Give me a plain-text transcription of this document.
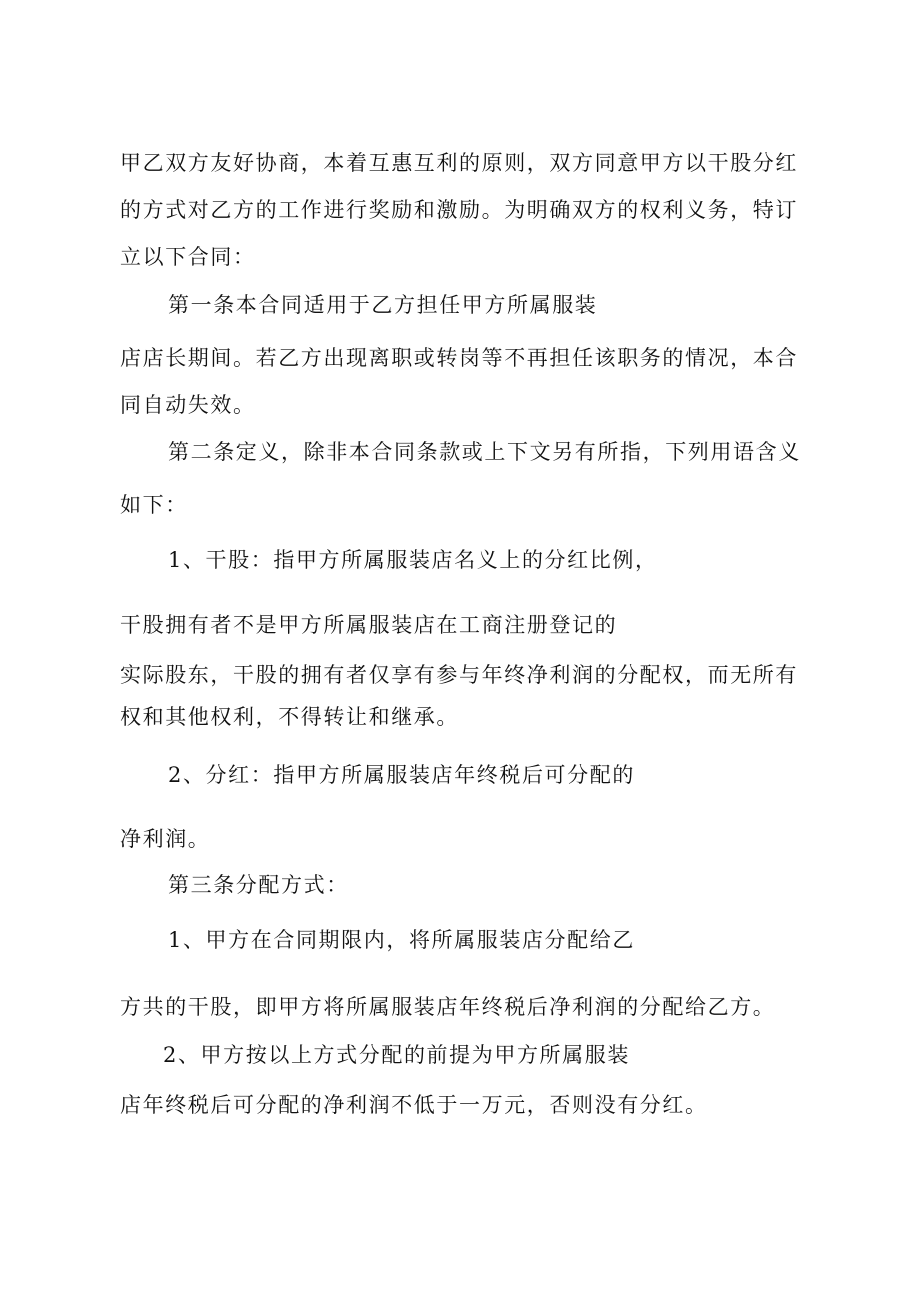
甲乙双方友好协商，本着互惠互利的原则，双方同意甲方以干股分红
的方式对乙方的工作进行奖励和激励。为明确双方的权利义务，特订
立以下合同：
第一条本合同适用于乙方担任甲方所属服装
店店长期间。若乙方出现离职或转岗等不再担任该职务的情况，本合
同自动失效。
第二条定义，除非本合同条款或上下文另有所指，下列用语含义
如下：
1、干股：指甲方所属服装店名义上的分红比例，
干股拥有者不是甲方所属服装店在工商注册登记的
实际股东，干股的拥有者仅享有参与年终净利润的分配权，而无所有
权和其他权利，不得转让和继承。
2、分红：指甲方所属服装店年终税后可分配的
净利润。
第三条分配方式：
1、甲方在合同期限内，将所属服装店分配给乙
方共的干股，即甲方将所属服装店年终税后净利润的分配给乙方。
2、甲方按以上方式分配的前提为甲方所属服装
店年终税后可分配的净利润不低于一万元，否则没有分红。
